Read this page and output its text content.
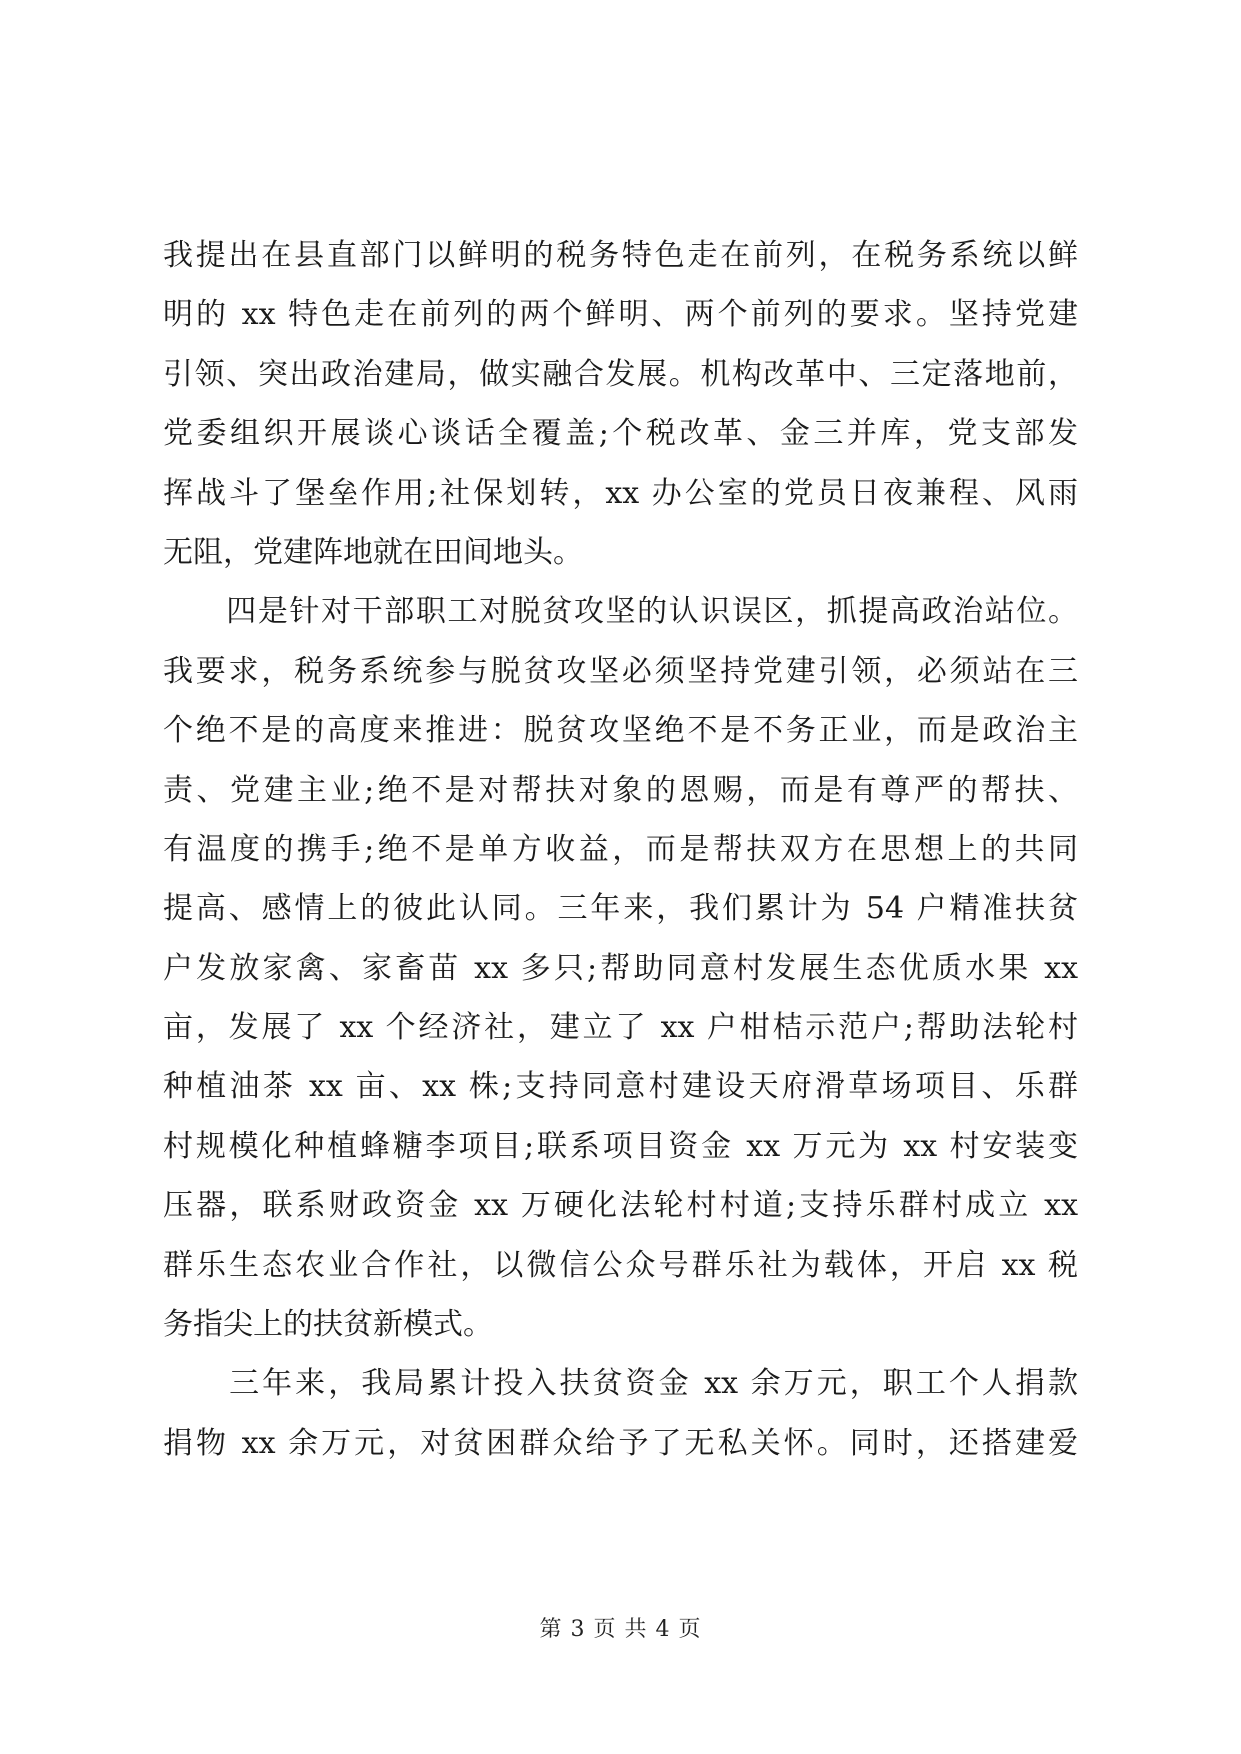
我提出在县直部门以鲜明的税务特色走在前列，在税务系统以鲜
明的 xx 特色走在前列的两个鲜明、两个前列的要求。坚持党建
引领、突出政治建局，做实融合发展。机构改革中、三定落地前，
党委组织开展谈心谈话全覆盖;个税改革、金三并库，党支部发
挥战斗了堡垒作用;社保划转，xx 办公室的党员日夜兼程、风雨
无阻，党建阵地就在田间地头。
　　四是针对干部职工对脱贫攻坚的认识误区，抓提高政治站位。
我要求，税务系统参与脱贫攻坚必须坚持党建引领，必须站在三
个绝不是的高度来推进：脱贫攻坚绝不是不务正业，而是政治主
责、党建主业;绝不是对帮扶对象的恩赐，而是有尊严的帮扶、
有温度的携手;绝不是单方收益，而是帮扶双方在思想上的共同
提高、感情上的彼此认同。三年来，我们累计为 54 户精准扶贫
户发放家禽、家畜苗 xx 多只;帮助同意村发展生态优质水果 xx
亩，发展了 xx 个经济社，建立了 xx 户柑桔示范户;帮助法轮村
种植油茶 xx 亩、xx 株;支持同意村建设天府滑草场项目、乐群
村规模化种植蜂糖李项目;联系项目资金 xx 万元为 xx 村安装变
压器，联系财政资金 xx 万硬化法轮村村道;支持乐群村成立 xx
群乐生态农业合作社，以微信公众号群乐社为载体，开启 xx 税
务指尖上的扶贫新模式。
　　三年来，我局累计投入扶贫资金 xx 余万元，职工个人捐款
捐物 xx 余万元，对贫困群众给予了无私关怀。同时，还搭建爱
第 3 页 共 4 页
